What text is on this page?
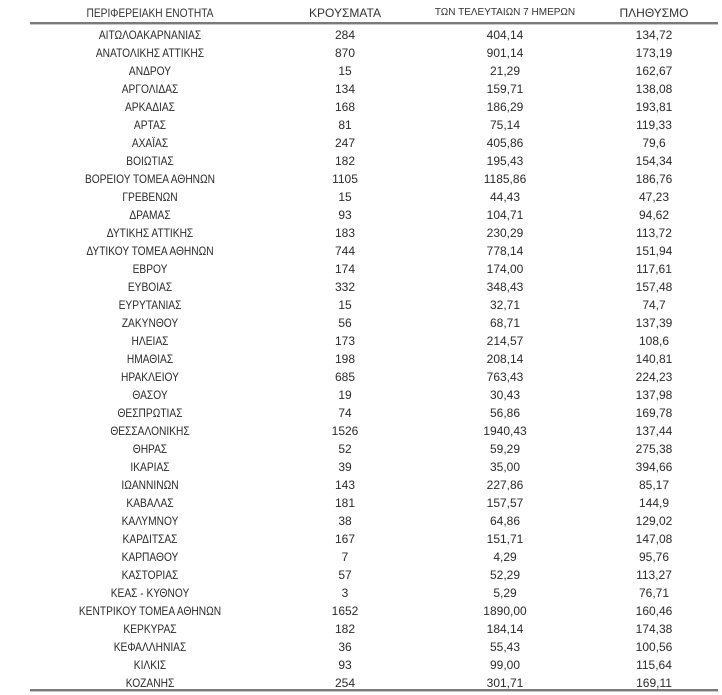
ΠΕΡΙΦΕΡΕΙΑΚΗ ΕΝΟΤΗΤΑ	ΚΡΟΥΣΜΑΤΑ	ΤΩΝ ΤΕΛΕΥΤΑΙΩΝ 7 ΗΜΕΡΩΝ	ΠΛΗΘΥΣΜΟ
ΑΙΤΩΛΟΑΚΑΡΝΑΝΙΑΣ	284	404,14	134,72
ΑΝΑΤΟΛΙΚΗΣ ΑΤΤΙΚΗΣ	870	901,14	173,19
ΑΝΔΡΟΥ	15	21,29	162,67
ΑΡΓΟΛΙΔΑΣ	134	159,71	138,08
ΑΡΚΑΔΙΑΣ	168	186,29	193,81
ΑΡΤΑΣ	81	75,14	119,33
ΑΧΑΪΑΣ	247	405,86	79,6
ΒΟΙΩΤΙΑΣ	182	195,43	154,34
ΒΟΡΕΙΟΥ ΤΟΜΕΑ ΑΘΗΝΩΝ	1105	1185,86	186,76
ΓΡΕΒΕΝΩΝ	15	44,43	47,23
ΔΡΑΜΑΣ	93	104,71	94,62
ΔΥΤΙΚΗΣ ΑΤΤΙΚΗΣ	183	230,29	113,72
ΔΥΤΙΚΟΥ ΤΟΜΕΑ ΑΘΗΝΩΝ	744	778,14	151,94
ΕΒΡΟΥ	174	174,00	117,61
ΕΥΒΟΙΑΣ	332	348,43	157,48
ΕΥΡΥΤΑΝΙΑΣ	15	32,71	74,7
ΖΑΚΥΝΘΟΥ	56	68,71	137,39
ΗΛΕΙΑΣ	173	214,57	108,6
ΗΜΑΘΙΑΣ	198	208,14	140,81
ΗΡΑΚΛΕΙΟΥ	685	763,43	224,23
ΘΑΣΟΥ	19	30,43	137,98
ΘΕΣΠΡΩΤΙΑΣ	74	56,86	169,78
ΘΕΣΣΑΛΟΝΙΚΗΣ	1526	1940,43	137,44
ΘΗΡΑΣ	52	59,29	275,38
ΙΚΑΡΙΑΣ	39	35,00	394,66
ΙΩΑΝΝΙΝΩΝ	143	227,86	85,17
ΚΑΒΑΛΑΣ	181	157,57	144,9
ΚΑΛΥΜΝΟΥ	38	64,86	129,02
ΚΑΡΔΙΤΣΑΣ	167	151,71	147,08
ΚΑΡΠΑΘΟΥ	7	4,29	95,76
ΚΑΣΤΟΡΙΑΣ	57	52,29	113,27
ΚΕΑΣ - ΚΥΘΝΟΥ	3	5,29	76,71
ΚΕΝΤΡΙΚΟΥ ΤΟΜΕΑ ΑΘΗΝΩΝ	1652	1890,00	160,46
ΚΕΡΚΥΡΑΣ	182	184,14	174,38
ΚΕΦΑΛΛΗΝΙΑΣ	36	55,43	100,56
ΚΙΛΚΙΣ	93	99,00	115,64
ΚΟΖΑΝΗΣ	254	301,71	169,11
